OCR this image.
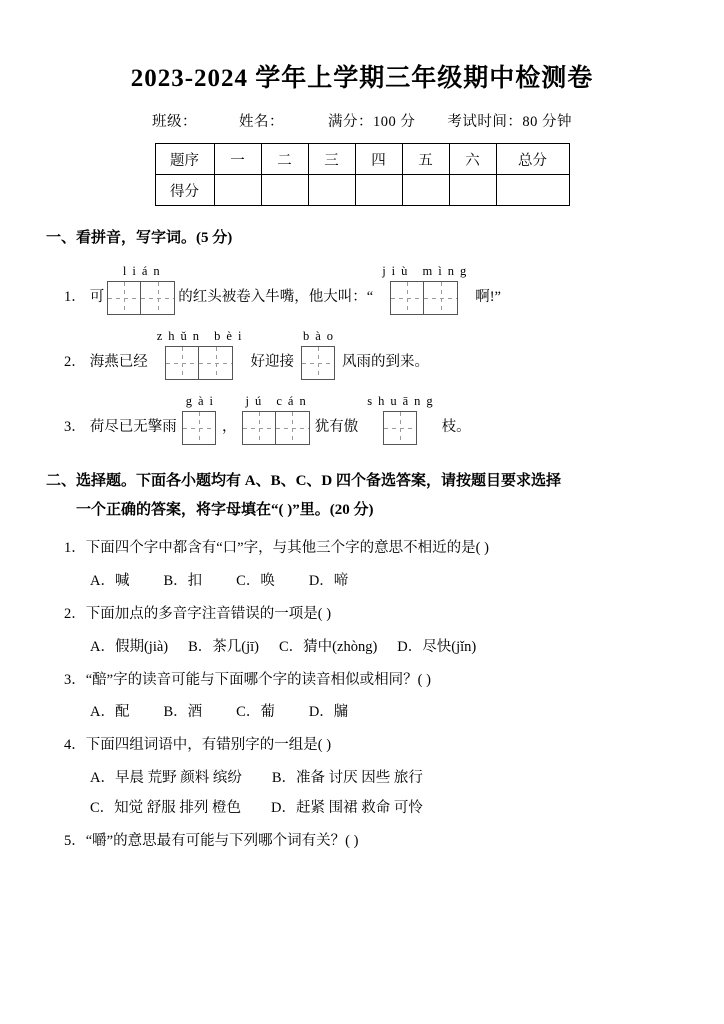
2023-2024 学年上学期三年级期中检测卷
班级：	姓名：	满分：100 分 考试时间：80 分钟
题序	一	二	三	四	五	六	总分
得分							
一、看拼音，写字词。(5 分)
1． 可
lián
的红头被卷入牛嘴，他大叫：“
jiù mìng
啊!”
2． 海燕已经
zhǔn bèi
好迎接
bào
风雨的到来。
3． 荷尽已无擎雨
gài
，
jú cán
犹有傲
shuāng
枝。
二、选择题。下面各小题均有 A、B、C、D 四个备选答案，请按题目要求选择
一个正确的答案，将字母填在“( )”里。(20 分)
1．下面四个字中都含有“口”字，与其他三个字的意思不相近的是( )
A．喊 B．扣 C．唤 D．啼
2．下面加点的多音字注音错误的一项是( )
A．假期(jià) B．茶几(jī) C．猜中(zhòng) D．尽快(jǐn)
3．“醅”字的读音可能与下面哪个字的读音相似或相同？( )
A．配 B．酒 C．葡 D．牖
4．下面四组词语中，有错别字的一组是( )
A．早晨 荒野 颜料 缤纷 B．准备 讨厌 因些 旅行
C．知觉 舒服 排列 橙色 D．赶紧 围裙 救命 可怜
5．“嚼”的意思最有可能与下列哪个词有关？( )
